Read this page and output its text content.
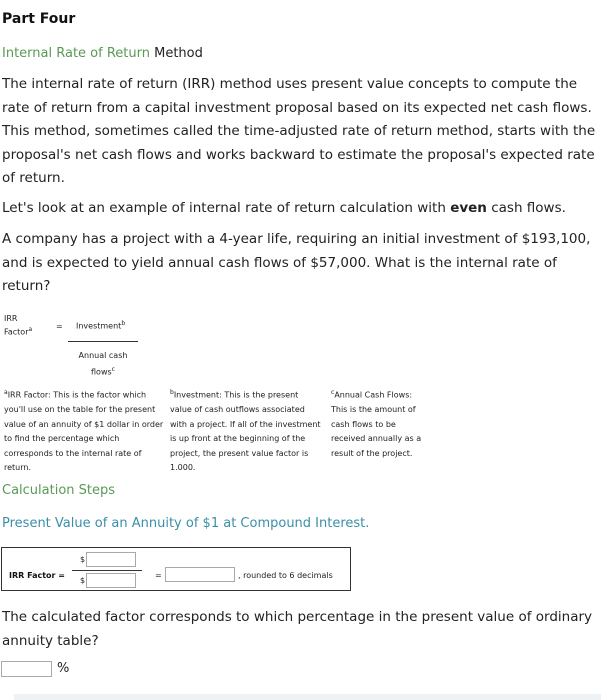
Part Four
Internal Rate of Return Method
The internal rate of return (IRR) method uses present value concepts to compute the rate of return from a capital investment proposal based on its expected net cash flows. This method, sometimes called the time-adjusted rate of return method, starts with the proposal's net cash flows and works backward to estimate the proposal's expected rate of return.
Let's look at an example of internal rate of return calculation with even cash flows.
A company has a project with a 4-year life, requiring an initial investment of $193,100, and is expected to yield annual cash flows of $57,000. What is the internal rate of return?
IRR
Factor$^a$	= Investment$^b$
Annual cash
flows$^c$
$^a$IRR Factor: This is the factor which you'll use on the table for the present value of an annuity of $1 dollar in order to find the percentage which corresponds to the internal rate of return.
$^b$Investment: This is the present value of cash outflows associated with a project. If all of the investment is up front at the beginning of the project, the present value factor is 1.000.
$^c$Annual Cash Flows: This is the amount of cash flows to be received annually as a result of the project.
Calculation Steps
Present Value of an Annuity of $1 at Compound Interest.
IRR Factor =
$
$
=	, rounded to 6 decimals
The calculated factor corresponds to which percentage in the present value of ordinary annuity table?
%
